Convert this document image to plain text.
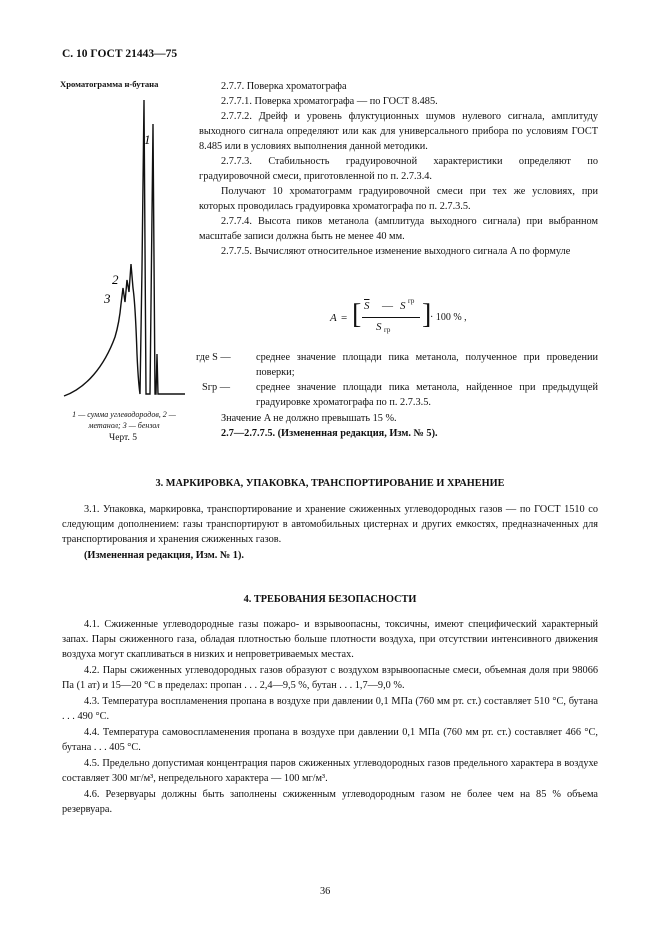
С. 10 ГОСТ 21443—75
Хроматограмма н-бутана
1
2
3
1 — сумма углеводородов, 2 — метанол; 3 — бензол
Черт. 5

2.7.7. Поверка хроматографа

2.7.7.1. Поверка хроматографа — по ГОСТ 8.485.

2.7.7.2. Дрейф и уровень флуктуционных шумов нулевого сигнала, амплитуду выходного сигнала определяют или как для универсального прибора по условиям ГОСТ 8.485 или в условиях выполнения данной методики.

2.7.7.3. Стабильность градуировочной характеристики определяют по градуировочной смеси, приготовленной по п. 2.7.3.4.

Получают 10 хроматограмм градуировочной смеси при тех же условиях, при которых проводилась градуировка хроматографа по п. 2.7.3.5.

2.7.7.4. Высота пиков метанола (амплитуда выходного сигнала) при выбранном масштабе записи должна быть не менее 40 мм.

2.7.7.5. Вычисляют относительное изменение выходного сигнала A по формуле

A = [ $\overline{S}$ — S гр
S гр ]
· 100 % ,
где S —	среднее значение площади пика метанола, полученное при проведении поверки;
Sгр —	среднее значение площади пика метанола, найденное при предыдущей градуировке хроматографа по п. 2.7.3.5.

Значение A не должно превышать 15 %.

2.7—2.7.7.5. (Измененная редакция, Изм. № 5).

3. МАРКИРОВКА, УПАКОВКА, ТРАНСПОРТИРОВАНИЕ И ХРАНЕНИЕ

3.1. Упаковка, маркировка, транспортирование и хранение сжиженных углеводородных газов — по ГОСТ 1510 со следующим дополнением: газы транспортируют в автомобильных цистернах и других емкостях, предназначенных для транспортирования и хранения сжиженных газов.

(Измененная редакция, Изм. № 1).

4. ТРЕБОВАНИЯ БЕЗОПАСНОСТИ

4.1. Сжиженные углеводородные газы пожаро- и взрывоопасны, токсичны, имеют специфический характерный запах. Пары сжиженного газа, обладая плотностью больше плотности воздуха, при отсутствии интенсивного движения воздуха могут скапливаться в низких и непроветриваемых местах.

4.2. Пары сжиженных углеводородных газов образуют с воздухом взрывоопасные смеси, объемная доля при 98066 Па (1 ат) и 15—20 °С в пределах: пропан . . . 2,4—9,5 %, бутан . . . 1,7—9,0 %.

4.3. Температура воспламенения пропана в воздухе при давлении 0,1 МПа (760 мм рт. ст.) составляет 510 °С, бутана . . . 490 °С.

4.4. Температура самовоспламенения пропана в воздухе при давлении 0,1 МПа (760 мм рт. ст.) составляет 466 °С, бутана . . . 405 °С.

4.5. Предельно допустимая концентрация паров сжиженных углеводородных газов предельного характера в воздухе составляет 300 мг/м³, непредельного характера — 100 мг/м³.

4.6. Резервуары должны быть заполнены сжиженным углеводородным газом не более чем на 85 % объема резервуара.

36
